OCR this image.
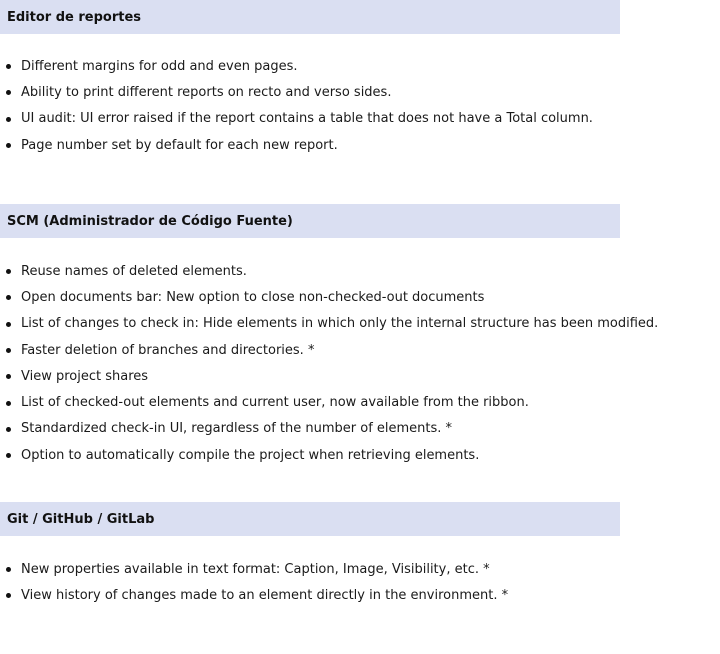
Editor de reportes
Different margins for odd and even pages.
Ability to print different reports on recto and verso sides.
UI audit: UI error raised if the report contains a table that does not have a Total column.
Page number set by default for each new report.
SCM (Administrador de Código Fuente)
Reuse names of deleted elements.
Open documents bar: New option to close non-checked-out documents
List of changes to check in: Hide elements in which only the internal structure has been modified.
Faster deletion of branches and directories. *
View project shares
List of checked-out elements and current user, now available from the ribbon.
Standardized check-in UI, regardless of the number of elements. *
Option to automatically compile the project when retrieving elements.
Git / GitHub / GitLab
New properties available in text format: Caption, Image, Visibility, etc. *
View history of changes made to an element directly in the environment. *
